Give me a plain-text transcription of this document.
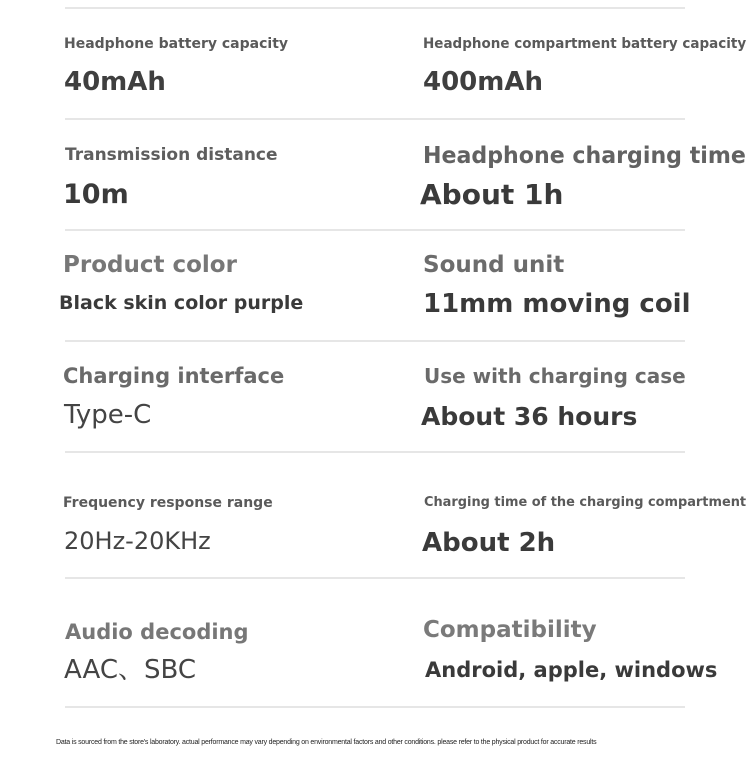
Headphone battery capacity
40mAh
Headphone compartment battery capacity
400mAh
Transmission distance
10m
Headphone charging time
About 1h
Product color
Black skin color purple
Sound unit
11mm moving coil
Charging interface
Type-C
Use with charging case
About 36 hours
Frequency response range
20Hz-20KHz
Charging time of the charging compartment
About 2h
Audio decoding
AAC、SBC
Compatibility
Android, apple, windows
Data is sourced from the store's laboratory. actual performance may vary depending on environmental factors and other conditions. please refer to the physical product for accurate results
